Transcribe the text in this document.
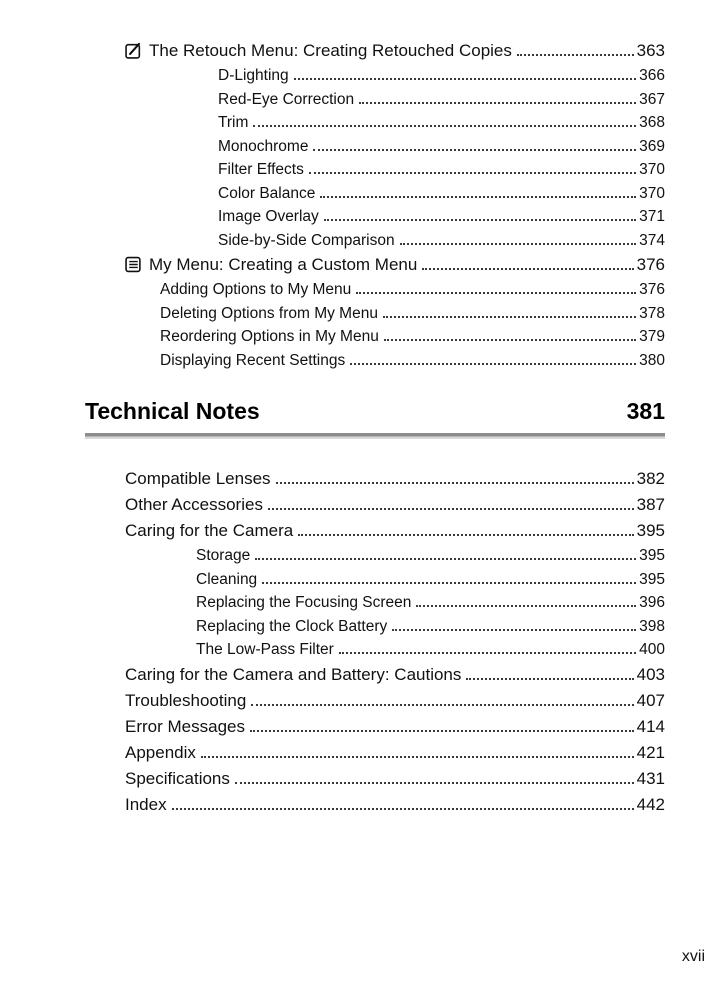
The Retouch Menu: Creating Retouched Copies	363
D-Lighting	366
Red-Eye Correction	367
Trim	368
Monochrome	369
Filter Effects	370
Color Balance	370
Image Overlay	371
Side-by-Side Comparison	374
My Menu: Creating a Custom Menu	376
Adding Options to My Menu	376
Deleting Options from My Menu	378
Reordering Options in My Menu	379
Displaying Recent Settings	380
Technical Notes	381
Compatible Lenses	382
Other Accessories	387
Caring for the Camera	395
Storage	395
Cleaning	395
Replacing the Focusing Screen	396
Replacing the Clock Battery	398
The Low-Pass Filter	400
Caring for the Camera and Battery: Cautions	403
Troubleshooting	407
Error Messages	414
Appendix	421
Specifications	431
Index	442
xvii
